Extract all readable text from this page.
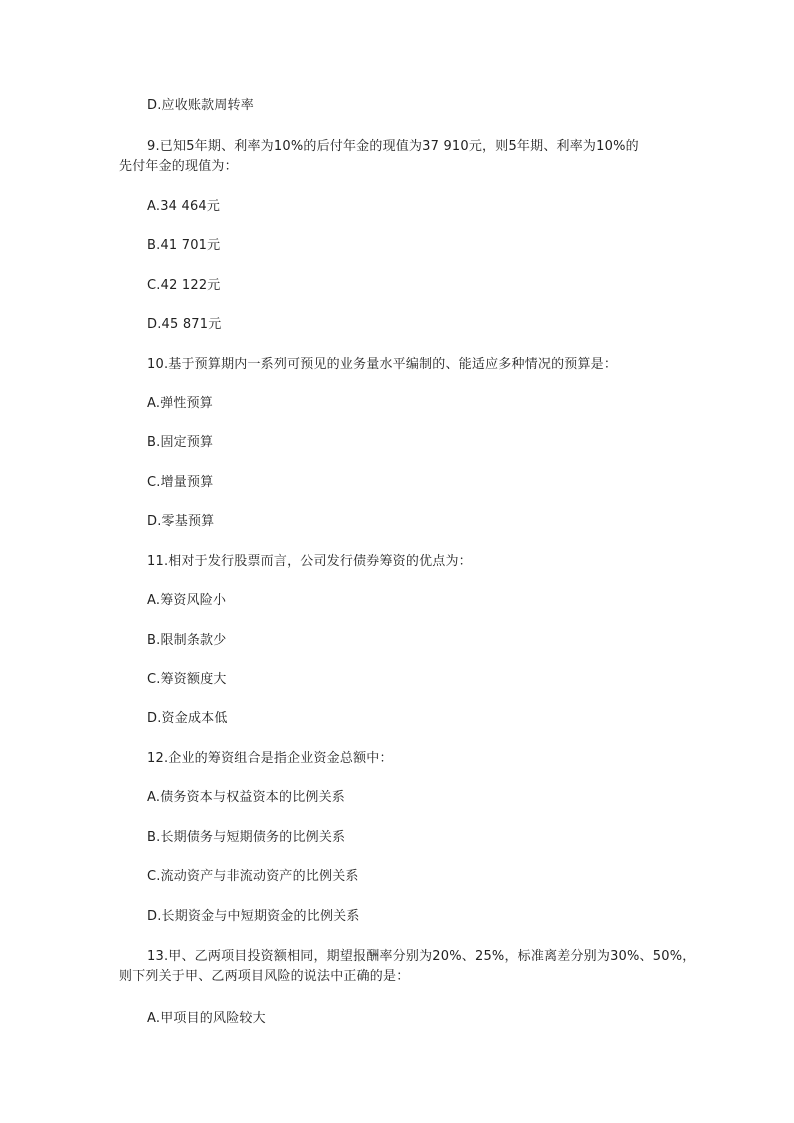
D.应收账款周转率
9.已知5年期、利率为10%的后付年金的现值为37 910元，则5年期、利率为10%的
先付年金的现值为：
A.34 464元
B.41 701元
C.42 122元
D.45 871元
10.基于预算期内一系列可预见的业务量水平编制的、能适应多种情况的预算是：
A.弹性预算
B.固定预算
C.增量预算
D.零基预算
11.相对于发行股票而言，公司发行债券筹资的优点为：
A.筹资风险小
B.限制条款少
C.筹资额度大
D.资金成本低
12.企业的筹资组合是指企业资金总额中：
A.债务资本与权益资本的比例关系
B.长期债务与短期债务的比例关系
C.流动资产与非流动资产的比例关系
D.长期资金与中短期资金的比例关系
13.甲、乙两项目投资额相同，期望报酬率分别为20%、25%，标准离差分别为30%、50%，
则下列关于甲、乙两项目风险的说法中正确的是：
A.甲项目的风险较大
